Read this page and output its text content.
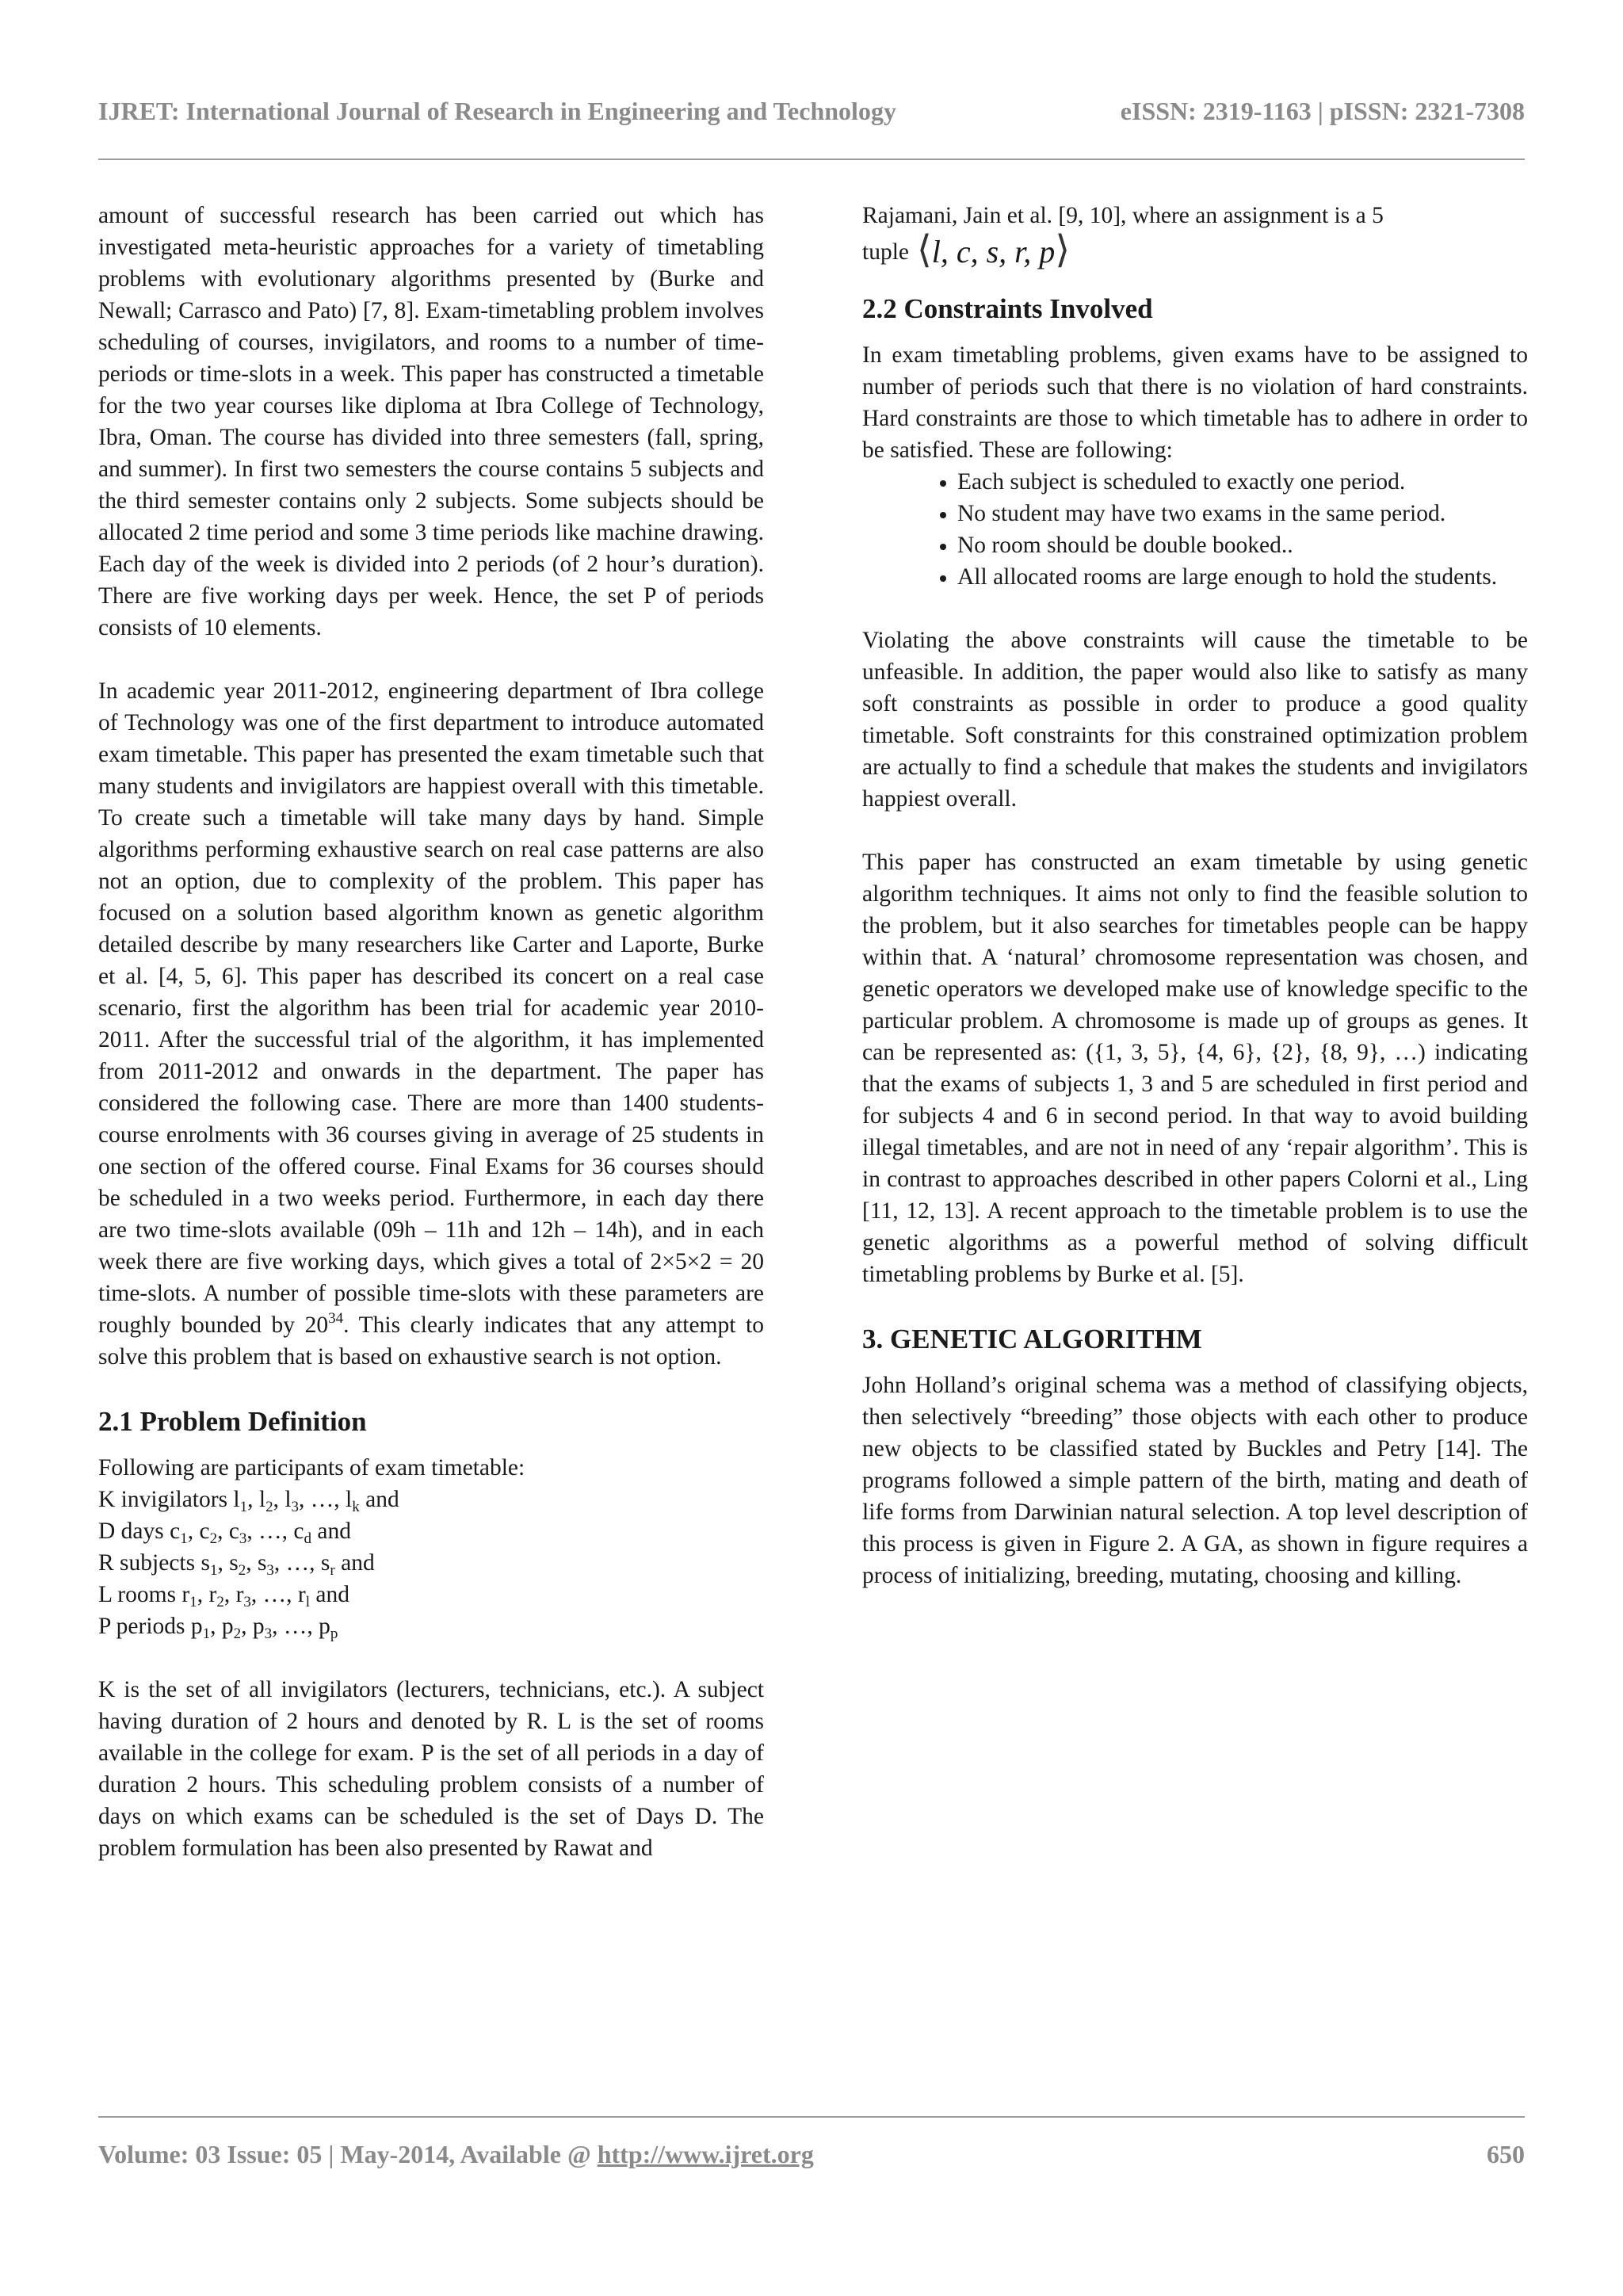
IJRET: International Journal of Research in Engineering and Technology	eISSN: 2319-1163 | pISSN: 2321-7308

amount of successful research has been carried out which has investigated meta-heuristic approaches for a variety of timetabling problems with evolutionary algorithms presented by (Burke and Newall; Carrasco and Pato) [7, 8]. Exam-timetabling problem involves scheduling of courses, invigilators, and rooms to a number of time-periods or time-slots in a week. This paper has constructed a timetable for the two year courses like diploma at Ibra College of Technology, Ibra, Oman. The course has divided into three semesters (fall, spring, and summer). In first two semesters the course contains 5 subjects and the third semester contains only 2 subjects. Some subjects should be allocated 2 time period and some 3 time periods like machine drawing. Each day of the week is divided into 2 periods (of 2 hour’s duration). There are five working days per week. Hence, the set P of periods consists of 10 elements.

In academic year 2011-2012, engineering department of Ibra college of Technology was one of the first department to introduce automated exam timetable. This paper has presented the exam timetable such that many students and invigilators are happiest overall with this timetable. To create such a timetable will take many days by hand. Simple algorithms performing exhaustive search on real case patterns are also not an option, due to complexity of the problem. This paper has focused on a solution based algorithm known as genetic algorithm detailed describe by many researchers like Carter and Laporte, Burke et al. [4, 5, 6]. This paper has described its concert on a real case scenario, first the algorithm has been trial for academic year 2010-2011. After the successful trial of the algorithm, it has implemented from 2011-2012 and onwards in the department. The paper has considered the following case. There are more than 1400 students-course enrolments with 36 courses giving in average of 25 students in one section of the offered course. Final Exams for 36 courses should be scheduled in a two weeks period. Furthermore, in each day there are two time-slots available (09h – 11h and 12h – 14h), and in each week there are five working days, which gives a total of 2×5×2 = 20 time-slots. A number of possible time-slots with these parameters are roughly bounded by $20^{34}$. This clearly indicates that any attempt to solve this problem that is based on exhaustive search is not option.

2.1 Problem Definition
Following are participants of exam timetable:
K invigilators $l_1$, $l_2$, $l_3$, …, $l_k$ and
D days $c_1$, $c_2$, $c_3$, …, $c_d$ and
R subjects $s_1$, $s_2$, $s_3$, …, $s_r$ and
L rooms $r_1$, $r_2$, $r_3$, …, $r_l$ and
P periods $p_1$, $p_2$, $p_3$, …, $p_p$

K is the set of all invigilators (lecturers, technicians, etc.). A subject having duration of 2 hours and denoted by R. L is the set of rooms available in the college for exam. P is the set of all periods in a day of duration 2 hours. This scheduling problem consists of a number of days on which exams can be scheduled is the set of Days D. The problem formulation has been also presented by Rawat and

Rajamani, Jain et al. [9, 10], where an assignment is a 5

tuple ⟨l, c, s, r, p⟩

2.2 Constraints Involved

In exam timetabling problems, given exams have to be assigned to number of periods such that there is no violation of hard constraints. Hard constraints are those to which timetable has to adhere in order to be satisfied. These are following:

• Each subject is scheduled to exactly one period.
• No student may have two exams in the same period.
• No room should be double booked..
• All allocated rooms are large enough to hold the students.

Violating the above constraints will cause the timetable to be unfeasible. In addition, the paper would also like to satisfy as many soft constraints as possible in order to produce a good quality timetable. Soft constraints for this constrained optimization problem are actually to find a schedule that makes the students and invigilators happiest overall.

This paper has constructed an exam timetable by using genetic algorithm techniques. It aims not only to find the feasible solution to the problem, but it also searches for timetables people can be happy within that. A ‘natural’ chromosome representation was chosen, and genetic operators we developed make use of knowledge specific to the particular problem. A chromosome is made up of groups as genes. It can be represented as: ({1, 3, 5}, {4, 6}, {2}, {8, 9}, …) indicating that the exams of subjects 1, 3 and 5 are scheduled in first period and for subjects 4 and 6 in second period. In that way to avoid building illegal timetables, and are not in need of any ‘repair algorithm’. This is in contrast to approaches described in other papers Colorni et al., Ling [11, 12, 13]. A recent approach to the timetable problem is to use the genetic algorithms as a powerful method of solving difficult timetabling problems by Burke et al. [5].

3. GENETIC ALGORITHM

John Holland’s original schema was a method of classifying objects, then selectively “breeding” those objects with each other to produce new objects to be classified stated by Buckles and Petry [14]. The programs followed a simple pattern of the birth, mating and death of life forms from Darwinian natural selection. A top level description of this process is given in Figure 2. A GA, as shown in figure requires a process of initializing, breeding, mutating, choosing and killing.

Volume: 03 Issue: 05 | May-2014, Available @ http://www.ijret.org	650
